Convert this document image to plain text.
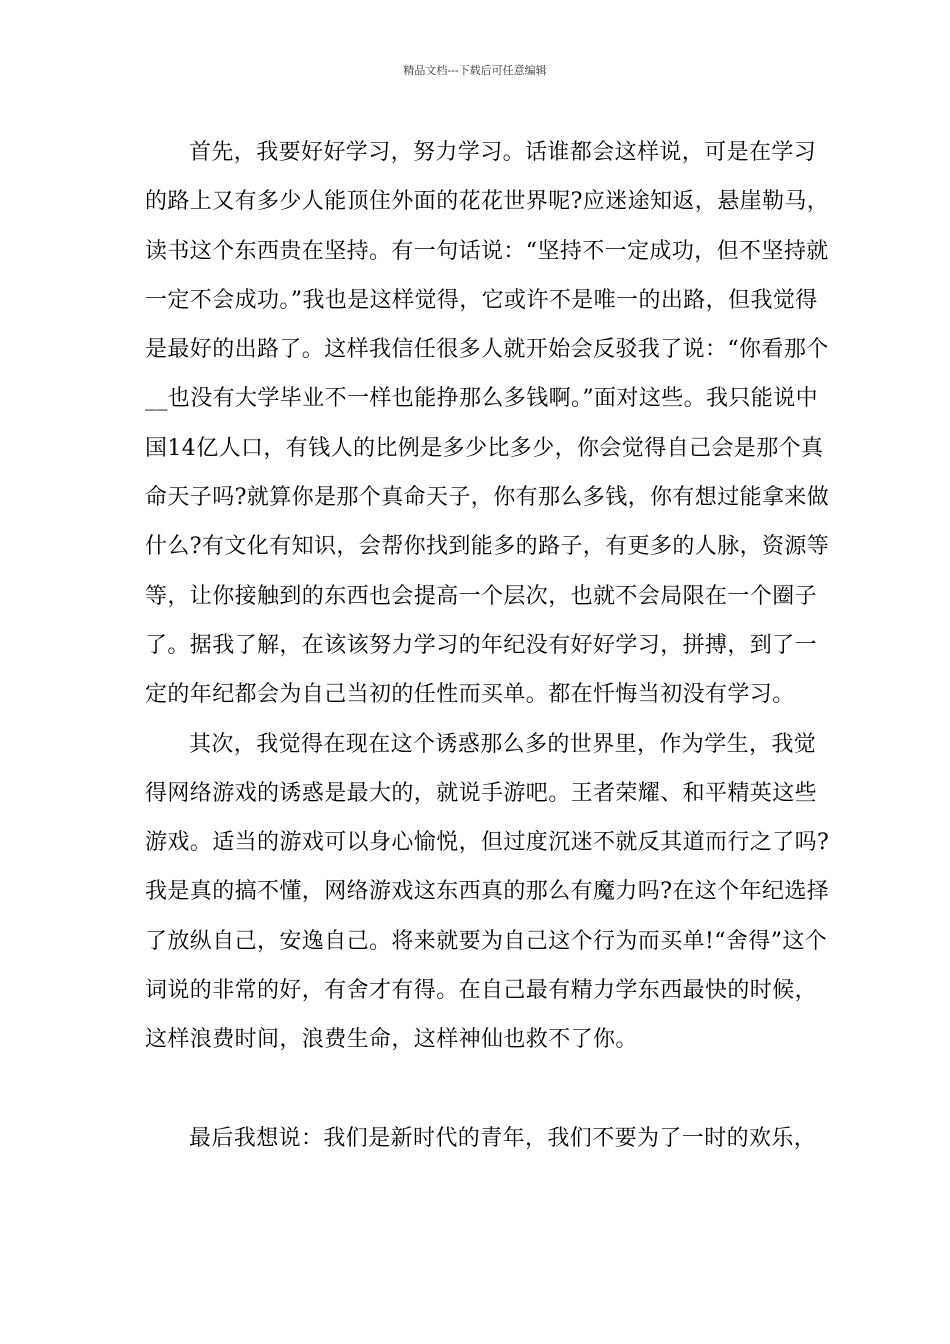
精品文档---下载后可任意编辑

首先，我要好好学习，努力学习。话谁都会这样说，可是在学习的路上又有多少人能顶住外面的花花世界呢?应迷途知返，悬崖勒马，读书这个东西贵在坚持。有一句话说：“坚持不一定成功，但不坚持就一定不会成功。”我也是这样觉得，它或许不是唯一的出路，但我觉得是最好的出路了。这样我信任很多人就开始会反驳我了说：“你看那个__也没有大学毕业不一样也能挣那么多钱啊。”面对这些。我只能说中国14亿人口，有钱人的比例是多少比多少，你会觉得自己会是那个真命天子吗?就算你是那个真命天子，你有那么多钱，你有想过能拿来做什么?有文化有知识，会帮你找到能多的路子，有更多的人脉，资源等等，让你接触到的东西也会提高一个层次，也就不会局限在一个圈子了。据我了解，在该该努力学习的年纪没有好好学习，拼搏，到了一定的年纪都会为自己当初的任性而买单。都在忏悔当初没有学习。

其次，我觉得在现在这个诱惑那么多的世界里，作为学生，我觉得网络游戏的诱惑是最大的，就说手游吧。王者荣耀、和平精英这些游戏。适当的游戏可以身心愉悦，但过度沉迷不就反其道而行之了吗?我是真的搞不懂，网络游戏这东西真的那么有魔力吗?在这个年纪选择了放纵自己，安逸自己。将来就要为自己这个行为而买单!“舍得”这个词说的非常的好，有舍才有得。在自己最有精力学东西最快的时候，这样浪费时间，浪费生命，这样神仙也救不了你。

最后我想说：我们是新时代的青年，我们不要为了一时的欢乐，
